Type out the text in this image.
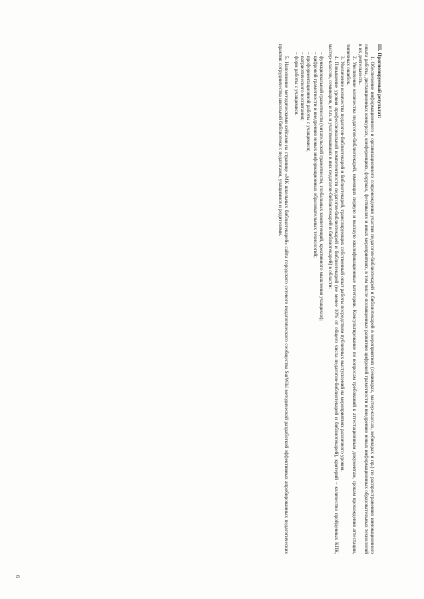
III. Прогнозируемый результат:

1. Обеспечение информационного и организационного сопровождения участия педагогов-библиотекарей и библиотекарей в мероприятиях (семинарах, мастер-классах, вебинарах и пр.) по распространению инновационного опыта работы, дистанционных конкурсах, конференциях, форумах, фестивалях и иных мероприятиях, в том числе посвященных развитию цифровой грамотности и внедрению новых информационных образовательных технологий в их деятельность.

2. Увеличение количества педагогов-библиотекарей, имеющих первую и высшую квалификационные категории. Консультирование по вопросам требований к аттестационным документам, срокам прохождения аттестации, типичных ошибок.

3. Увеличение количества педагогов-библиотекарей и библиотекарей, транслирующих собственный опыт работы посредством публичных выступлений на мероприятиях различного уровня.

4. Повышение уровня профессиональной компетентности педагогов-библиотекарей и библиотекарей (не менее 10% от общего числа педагогов-библиотекарей и библиотекарей), критерий – количество пройденных КПК, мастер-классов, семинаров, и т.п. и участвовавших в них педагогов-библиотекарей и библиотекарей) в области:

– функциональной грамотности (читательской грамотности, глобальных компетенций, креативного мышления учащихся);
– цифровой грамотности и внедрению новых информационных образовательных технологий;
– профориентационной работы с учащимися;
– патриотического воспитания;
– форм работы с учащимися.

5. Наполнение методическими кейсами на странице «МК школьных библиотекарей» сайта городского сетевого педагогического сообщества SurWiki методической разработкой эффективных апробированных педагогических практик сотрудничества школьной библиотеки с педагогами, учащимися и родителями.

6
